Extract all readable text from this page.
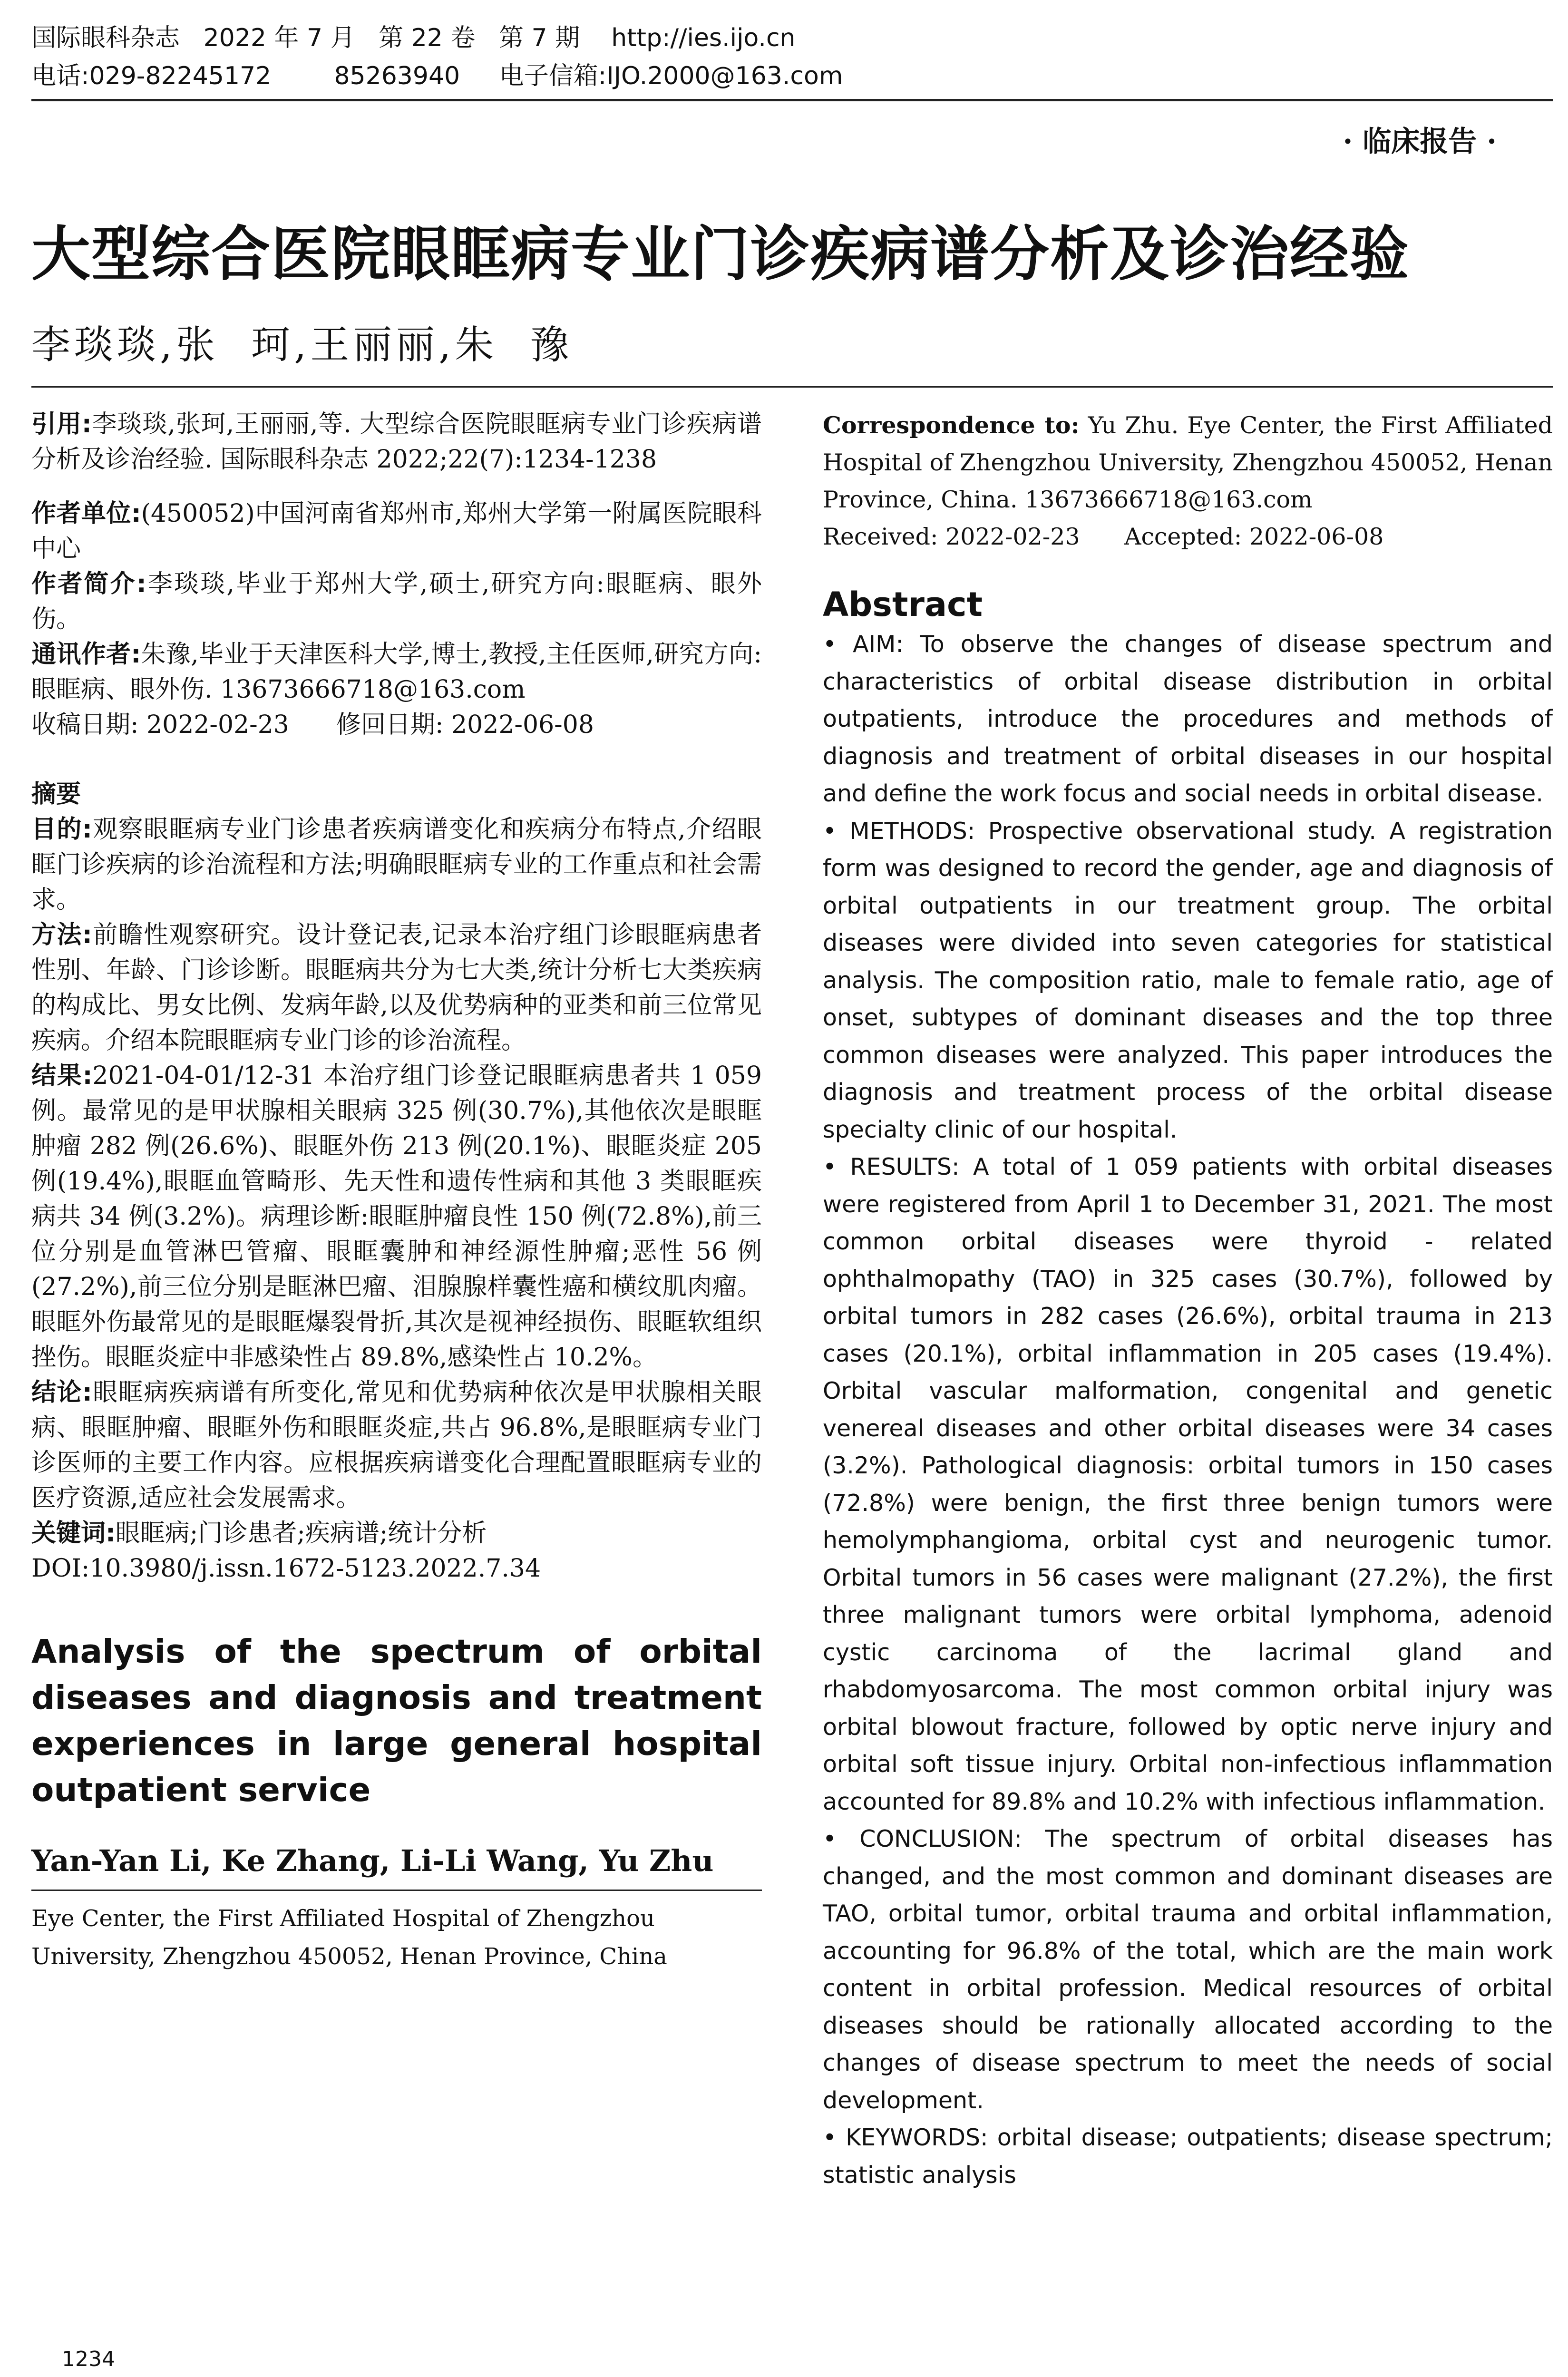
国际眼科杂志   2022 年 7 月   第 22 卷   第 7 期    http://ies.ijo.cn
电话:029-82245172        85263940     电子信箱:IJO.2000@163.com
· 临床报告 ·
大型综合医院眼眶病专业门诊疾病谱分析及诊治经验
李琰琰,张  珂,王丽丽,朱  豫

引用:李琰琰,张珂,王丽丽,等. 大型综合医院眼眶病专业门诊疾病谱分析及诊治经验. 国际眼科杂志 2022;22(7):1234-1238

作者单位:(450052)中国河南省郑州市,郑州大学第一附属医院眼科中心

作者简介:李琰琰,毕业于郑州大学,硕士,研究方向:眼眶病、眼外伤。

通讯作者:朱豫,毕业于天津医科大学,博士,教授,主任医师,研究方向:眼眶病、眼外伤. 13673666718@163.com

收稿日期: 2022-02-23      修回日期: 2022-06-08

摘要

目的:观察眼眶病专业门诊患者疾病谱变化和疾病分布特点,介绍眼眶门诊疾病的诊治流程和方法;明确眼眶病专业的工作重点和社会需求。

方法:前瞻性观察研究。设计登记表,记录本治疗组门诊眼眶病患者性别、年龄、门诊诊断。眼眶病共分为七大类,统计分析七大类疾病的构成比、男女比例、发病年龄,以及优势病种的亚类和前三位常见疾病。介绍本院眼眶病专业门诊的诊治流程。

结果:2021-04-01/12-31 本治疗组门诊登记眼眶病患者共 1 059 例。最常见的是甲状腺相关眼病 325 例(30.7%),其他依次是眼眶肿瘤 282 例(26.6%)、眼眶外伤 213 例(20.1%)、眼眶炎症 205 例(19.4%),眼眶血管畸形、先天性和遗传性病和其他 3 类眼眶疾病共 34 例(3.2%)。病理诊断:眼眶肿瘤良性 150 例(72.8%),前三位分别是血管淋巴管瘤、眼眶囊肿和神经源性肿瘤;恶性 56 例(27.2%),前三位分别是眶淋巴瘤、泪腺腺样囊性癌和横纹肌肉瘤。眼眶外伤最常见的是眼眶爆裂骨折,其次是视神经损伤、眼眶软组织挫伤。眼眶炎症中非感染性占 89.8%,感染性占 10.2%。

结论:眼眶病疾病谱有所变化,常见和优势病种依次是甲状腺相关眼病、眼眶肿瘤、眼眶外伤和眼眶炎症,共占 96.8%,是眼眶病专业门诊医师的主要工作内容。应根据疾病谱变化合理配置眼眶病专业的医疗资源,适应社会发展需求。

关键词:眼眶病;门诊患者;疾病谱;统计分析

DOI:10.3980/j.issn.1672-5123.2022.7.34

Analysis of the spectrum of orbital diseases and diagnosis and treatment experiences in large general hospital outpatient service

Yan-Yan Li, Ke Zhang, Li-Li Wang, Yu Zhu

Eye Center, the First Affiliated Hospital of Zhengzhou University, Zhengzhou 450052, Henan Province, China

Correspondence to: Yu Zhu. Eye Center, the First Affiliated Hospital of Zhengzhou University, Zhengzhou 450052, Henan Province, China. 13673666718@163.com

Received: 2022-02-23      Accepted: 2022-06-08

Abstract

• AIM: To observe the changes of disease spectrum and characteristics of orbital disease distribution in orbital outpatients, introduce the procedures and methods of diagnosis and treatment of orbital diseases in our hospital and define the work focus and social needs in orbital disease.

• METHODS: Prospective observational study. A registration form was designed to record the gender, age and diagnosis of orbital outpatients in our treatment group. The orbital diseases were divided into seven categories for statistical analysis. The composition ratio, male to female ratio, age of onset, subtypes of dominant diseases and the top three common diseases were analyzed. This paper introduces the diagnosis and treatment process of the orbital disease specialty clinic of our hospital.

• RESULTS: A total of 1 059 patients with orbital diseases were registered from April 1 to December 31, 2021. The most common orbital diseases were thyroid - related ophthalmopathy (TAO) in 325 cases (30.7%), followed by orbital tumors in 282 cases (26.6%), orbital trauma in 213 cases (20.1%), orbital inflammation in 205 cases (19.4%). Orbital vascular malformation, congenital and genetic venereal diseases and other orbital diseases were 34 cases (3.2%). Pathological diagnosis: orbital tumors in 150 cases (72.8%) were benign, the first three benign tumors were hemolymphangioma, orbital cyst and neurogenic tumor. Orbital tumors in 56 cases were malignant (27.2%), the first three malignant tumors were orbital lymphoma, adenoid cystic carcinoma of the lacrimal gland and rhabdomyosarcoma. The most common orbital injury was orbital blowout fracture, followed by optic nerve injury and orbital soft tissue injury. Orbital non-infectious inflammation accounted for 89.8% and 10.2% with infectious inflammation.

• CONCLUSION: The spectrum of orbital diseases has changed, and the most common and dominant diseases are TAO, orbital tumor, orbital trauma and orbital inflammation, accounting for 96.8% of the total, which are the main work content in orbital profession. Medical resources of orbital diseases should be rationally allocated according to the changes of disease spectrum to meet the needs of social development.

• KEYWORDS: orbital disease; outpatients; disease spectrum; statistic analysis

1234
